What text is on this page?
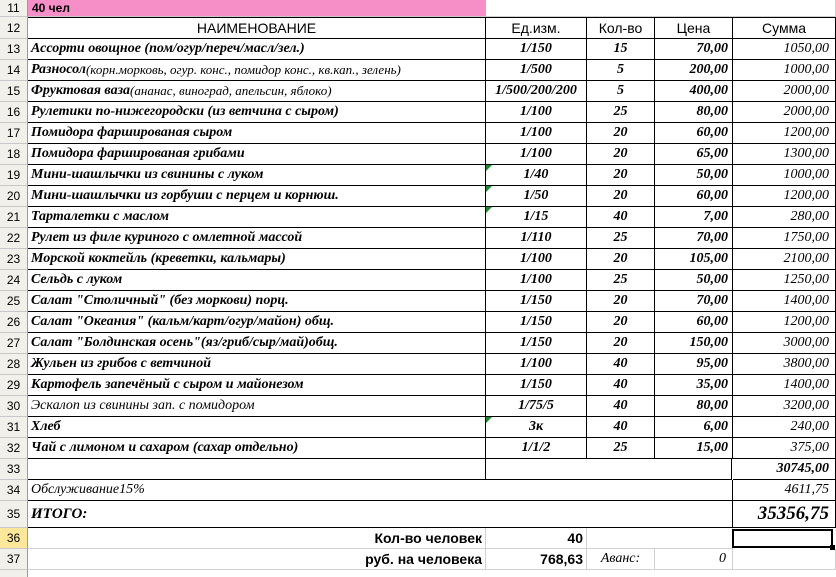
11	40 чел
12	НАИМЕНОВАНИЕ	Ед.изм.	Кол-во	Цена	Сумма
13 Ассорти овощное (пом/огур/переч/масл/зел.)	1/150	15	70,00	1050,00
14 Разносол (корн.морковь, огур. конс., помидор конс., кв.кап., зелень)	1/500	5	200,00	1000,00
15 Фруктовая ваза (ананас, виноград, апельсин, яблоко)	1/500/200/200	5	400,00	2000,00
16 Рулетики по-нижегородски (из ветчина с сыром)	1/100	25	80,00	2000,00
17 Помидора фаршированая сыром	1/100	20	60,00	1200,00
18 Помидора фаршированая грибами	1/100	20	65,00	1300,00
19 Мини-шашлычки из свинины с луком	1/40	20	50,00	1000,00
20 Мини-шашлычки из горбуши с перцем и корнюш.	1/50	20	60,00	1200,00
21 Тарталетки с маслом	1/15	40	7,00	280,00
22 Рулет из филе куриного с омлетной массой	1/110	25	70,00	1750,00
23 Морской коктейль (креветки, кальмары)	1/100	20	105,00	2100,00
24 Сельдь с луком	1/100	25	50,00	1250,00
25 Салат "Столичный" (без моркови) порц.	1/150	20	70,00	1400,00
26 Салат "Океания" (кальм/карт/огур/майон) общ.	1/150	20	60,00	1200,00
27 Салат "Болдинская осень"(яз/гриб/сыр/май)общ.	1/150	20	150,00	3000,00
28 Жульен из грибов с ветчиной	1/100	40	95,00	3800,00
29 Картофель запечёный с сыром и майонезом	1/150	40	35,00	1400,00
30 Эскалоп из свинины зап. с помидором	1/75/5	40	80,00	3200,00
31 Хлеб	3к	40	6,00	240,00
32 Чай с лимоном и сахаром (сахар отдельно)	1/1/2	25	15,00	375,00
33	30745,00
34 Обслуживание15%	4611,75
35 ИТОГО:	35356,75
36	Кол-во человек	40
37	руб. на человека	768,63	Аванс:	0
